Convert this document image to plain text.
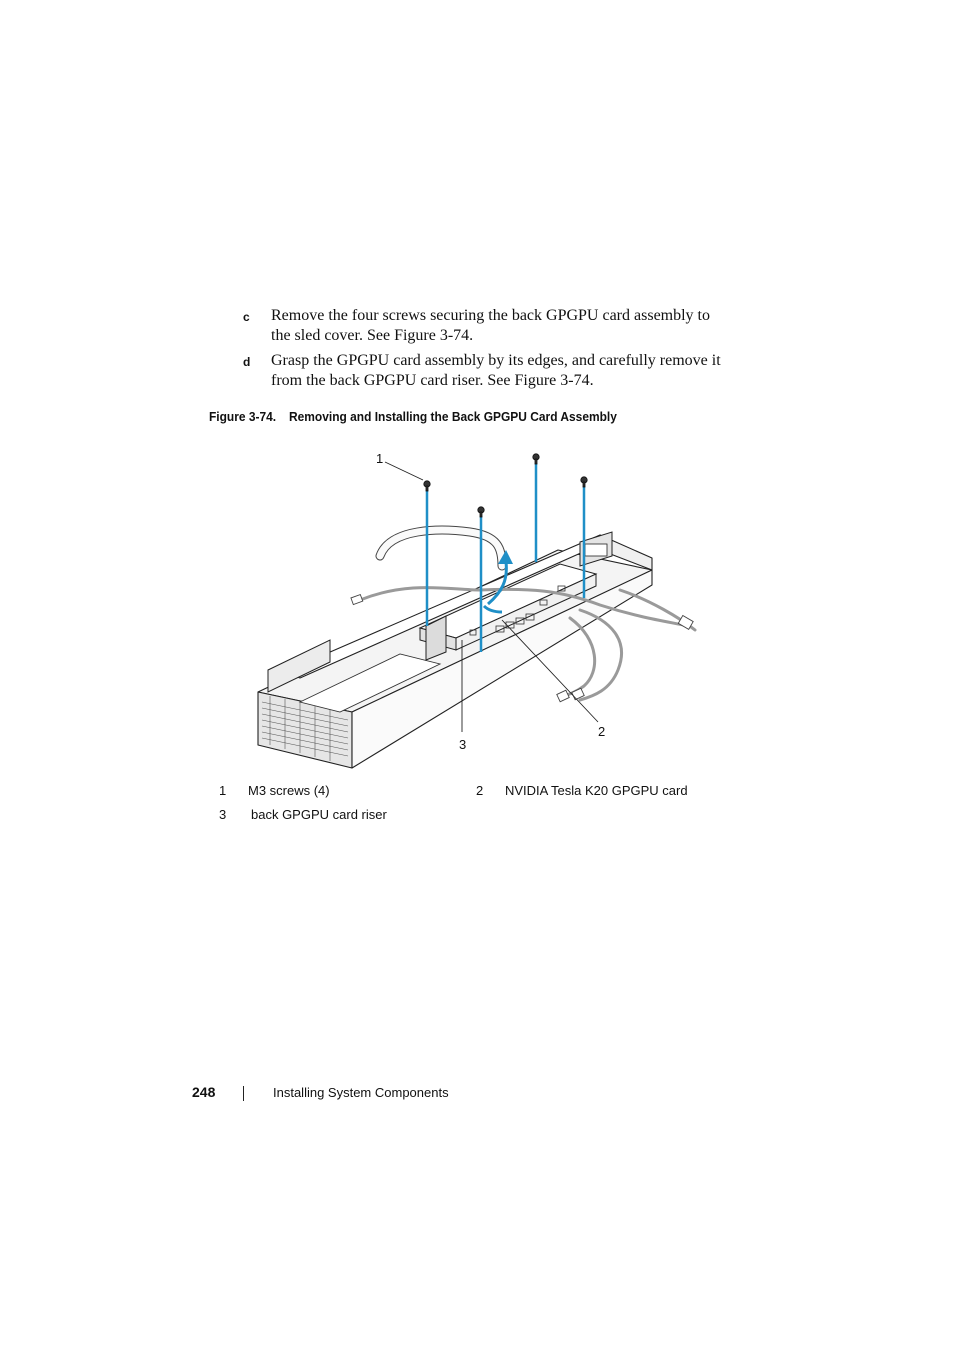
c Remove the four screws securing the back GPGPU card assembly to the sled cover. See Figure 3-74.
d Grasp the GPGPU card assembly by its edges, and carefully remove it from the back GPGPU card riser. See Figure 3-74.
Figure 3-74. Removing and Installing the Back GPGPU Card Assembly
1
2
3
1 M3 screws (4)	2 NVIDIA Tesla K20 GPGPU card
3 back GPGPU card riser
248	Installing System Components
